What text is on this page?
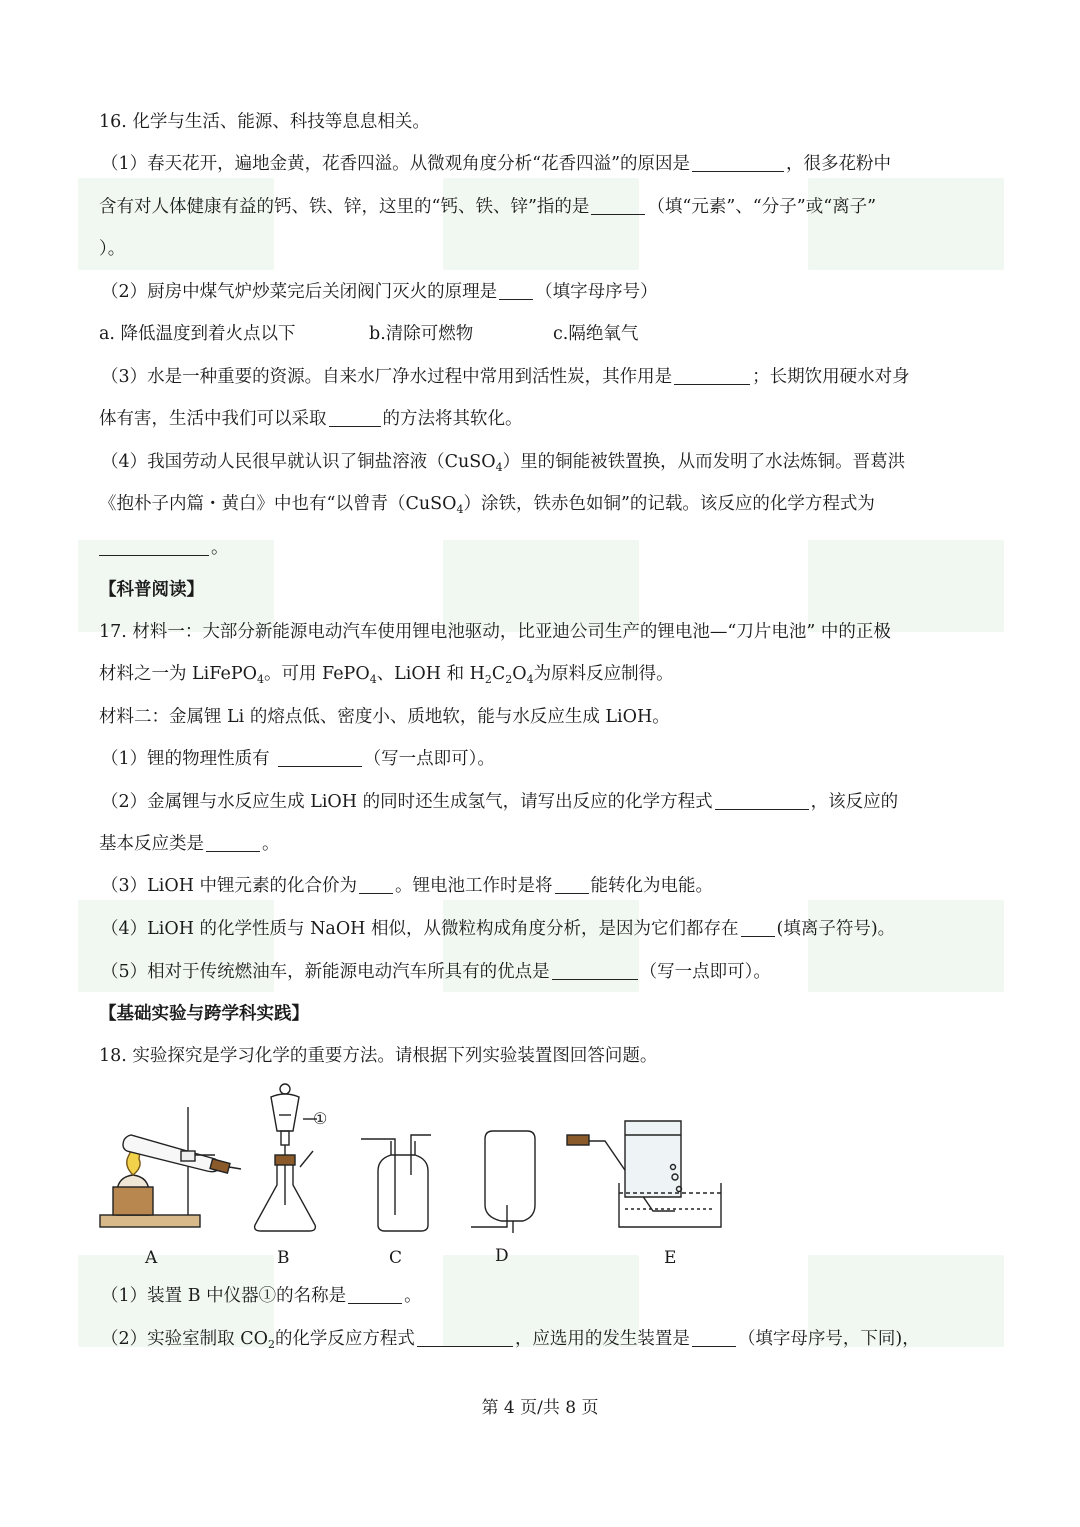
16. 化学与生活、能源、科技等息息相关。
（1）春天花开，遍地金黄，花香四溢。从微观角度分析“花香四溢”的原因是	，很多花粉中
含有对人体健康有益的钙、铁、锌，这里的“钙、铁、锌”指的是	（填“元素”、“分子”或“离子”
）。
（2）厨房中煤气炉炒菜完后关闭阀门灭火的原理是 （填字母序号）
a. 降低温度到着火点以下	b.清除可燃物	c.隔绝氧气
（3）水是一种重要的资源。自来水厂净水过程中常用到活性炭，其作用是	；长期饮用硬水对身
体有害，生活中我们可以采取	的方法将其软化。
（4）我国劳动人民很早就认识了铜盐溶液（CuSO$_4$）里的铜能被铁置换，从而发明了水法炼铜。晋葛洪
《抱朴子内篇・黄白》中也有“以曾青（CuSO$_4$）涂铁，铁赤色如铜”的记载。该反应的化学方程式为
。
【科普阅读】
17. 材料一：大部分新能源电动汽车使用锂电池驱动，比亚迪公司生产的锂电池—“刀片电池” 中的正极
材料之一为 LiFePO$_4$。可用 FePO$_4$、LiOH 和 $H_2C_2O_4$为原料反应制得。
材料二：金属锂 Li 的熔点低、密度小、质地软，能与水反应生成 LiOH。
（1）锂的物理性质有	（写一点即可）。
（2）金属锂与水反应生成 LiOH 的同时还生成氢气，请写出反应的化学方程式	，该反应的
基本反应类是	。
（3）LiOH 中锂元素的化合价为 。锂电池工作时是将 能转化为电能。
（4）LiOH 的化学性质与 NaOH 相似，从微粒构成角度分析，是因为它们都存在 (填离子符号)。
（5）相对于传统燃油车，新能源电动汽车所具有的优点是	（写一点即可）。
【基础实验与跨学科实践】
18. 实验探究是学习化学的重要方法。请根据下列实验装置图回答问题。
①
A	B	C	D	E
（1）装置 B 中仪器①的名称是	。
（2）实验室制取 $CO_2$的化学反应方程式	，应选用的发生装置是	（填字母序号，下同)，
第 4 页/共 8 页
